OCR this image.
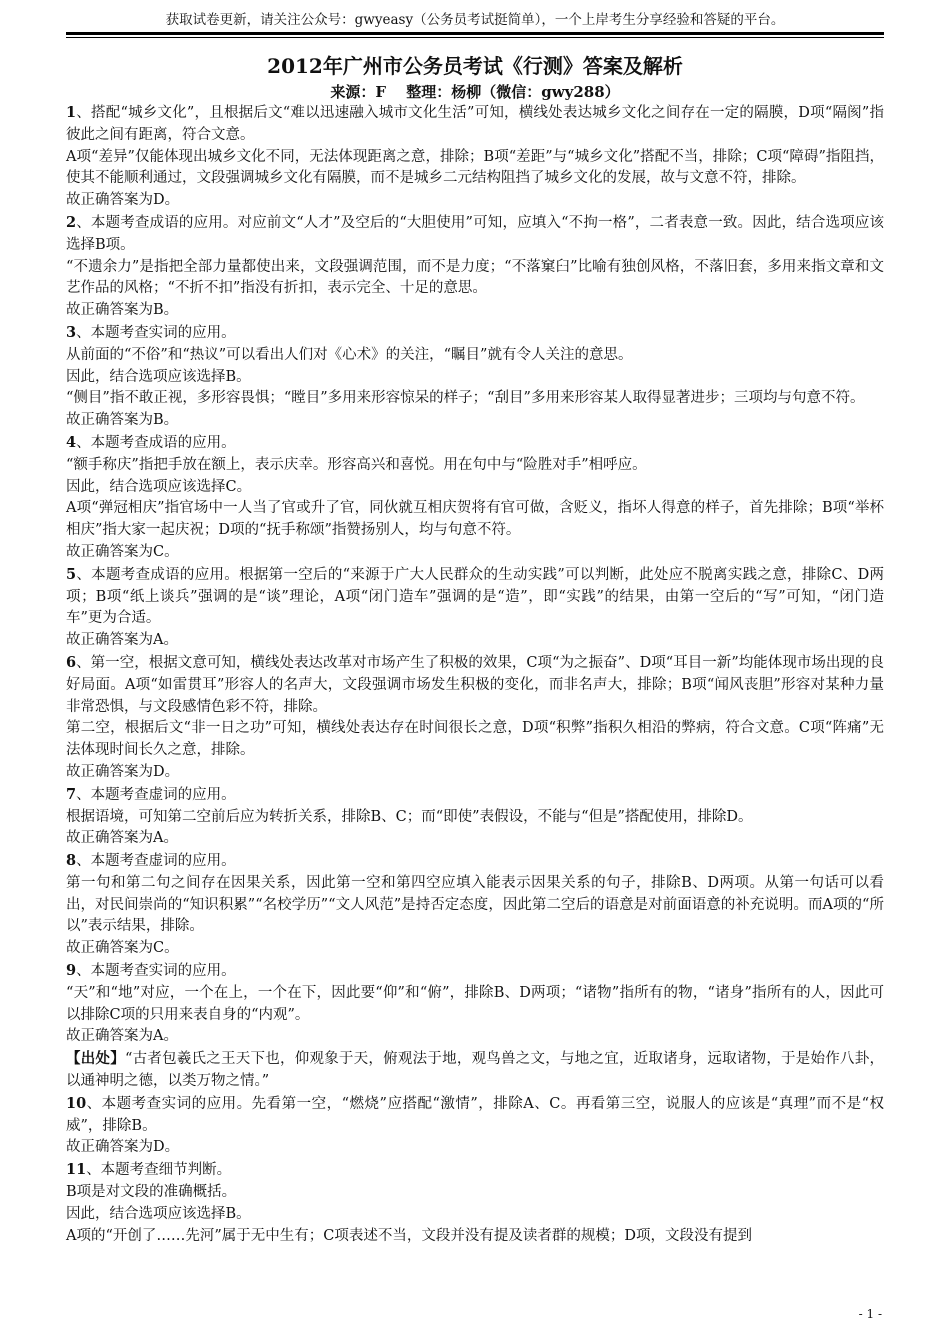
获取试卷更新，请关注公众号：gwyeasy（公务员考试挺简单），一个上岸考生分享经验和答疑的平台。
2012年广州市公务员考试《行测》答案及解析
来源：F　 整理：杨柳（微信：gwy288）

1、搭配“城乡文化”，且根据后文“难以迅速融入城市文化生活”可知，横线处表达城乡文化之间存在一定的隔膜，D项“隔阂”指彼此之间有距离，符合文意。

A项“差异”仅能体现出城乡文化不同，无法体现距离之意，排除；B项“差距”与“城乡文化”搭配不当，排除；C项“障碍”指阻挡，使其不能顺利通过，文段强调城乡文化有隔膜，而不是城乡二元结构阻挡了城乡文化的发展，故与文意不符，排除。

故正确答案为D。

2、本题考查成语的应用。对应前文“人才”及空后的“大胆使用”可知，应填入“不拘一格”，二者表意一致。因此，结合选项应该选择B项。

“不遗余力”是指把全部力量都使出来，文段强调范围，而不是力度；“不落窠臼”比喻有独创风格，不落旧套，多用来指文章和文艺作品的风格；“不折不扣”指没有折扣，表示完全、十足的意思。

故正确答案为B。

3、本题考查实词的应用。

从前面的“不俗”和“热议”可以看出人们对《心术》的关注，“瞩目”就有令人关注的意思。

因此，结合选项应该选择B。

“侧目”指不敢正视，多形容畏惧；“瞠目”多用来形容惊呆的样子；“刮目”多用来形容某人取得显著进步；三项均与句意不符。

故正确答案为B。

4、本题考查成语的应用。

“额手称庆”指把手放在额上，表示庆幸。形容高兴和喜悦。用在句中与“险胜对手”相呼应。

因此，结合选项应该选择C。

A项“弹冠相庆”指官场中一人当了官或升了官，同伙就互相庆贺将有官可做，含贬义，指坏人得意的样子，首先排除；B项“举杯相庆”指大家一起庆祝；D项的“抚手称颂”指赞扬别人，均与句意不符。

故正确答案为C。

5、本题考查成语的应用。根据第一空后的“来源于广大人民群众的生动实践”可以判断，此处应不脱离实践之意，排除C、D两项；B项“纸上谈兵”强调的是“谈”理论，A项“闭门造车”强调的是“造”，即“实践”的结果，由第一空后的“写”可知，“闭门造车”更为合适。

故正确答案为A。

6、第一空，根据文意可知，横线处表达改革对市场产生了积极的效果，C项“为之振奋”、D项“耳目一新”均能体现市场出现的良好局面。A项“如雷贯耳”形容人的名声大，文段强调市场发生积极的变化，而非名声大，排除；B项“闻风丧胆”形容对某种力量非常恐惧，与文段感情色彩不符，排除。

第二空，根据后文“非一日之功”可知，横线处表达存在时间很长之意，D项“积弊”指积久相沿的弊病，符合文意。C项“阵痛”无法体现时间长久之意，排除。

故正确答案为D。

7、本题考查虚词的应用。

根据语境，可知第二空前后应为转折关系，排除B、C；而“即使”表假设，不能与“但是”搭配使用，排除D。

故正确答案为A。

8、本题考查虚词的应用。

第一句和第二句之间存在因果关系，因此第一空和第四空应填入能表示因果关系的句子，排除B、D两项。从第一句话可以看出，对民间崇尚的“知识积累”“名校学历”“文人风范”是持否定态度，因此第二空后的语意是对前面语意的补充说明。而A项的“所以”表示结果，排除。

故正确答案为C。

9、本题考查实词的应用。

“天”和“地”对应，一个在上，一个在下，因此要“仰”和“俯”，排除B、D两项；“诸物”指所有的物，“诸身”指所有的人，因此可以排除C项的只用来表自身的“内观”。

故正确答案为A。

【出处】“古者包羲氏之王天下也，仰观象于天，俯观法于地，观鸟兽之文，与地之宜，近取诸身，远取诸物，于是始作八卦，以通神明之德，以类万物之情。”

10、本题考查实词的应用。先看第一空，“燃烧”应搭配“激情”，排除A、C。再看第三空，说服人的应该是“真理”而不是“权威”，排除B。

故正确答案为D。

11、本题考查细节判断。

B项是对文段的准确概括。

因此，结合选项应该选择B。

A项的“开创了……先河”属于无中生有；C项表述不当，文段并没有提及读者群的规模；D项，文段没有提到

- 1 -
